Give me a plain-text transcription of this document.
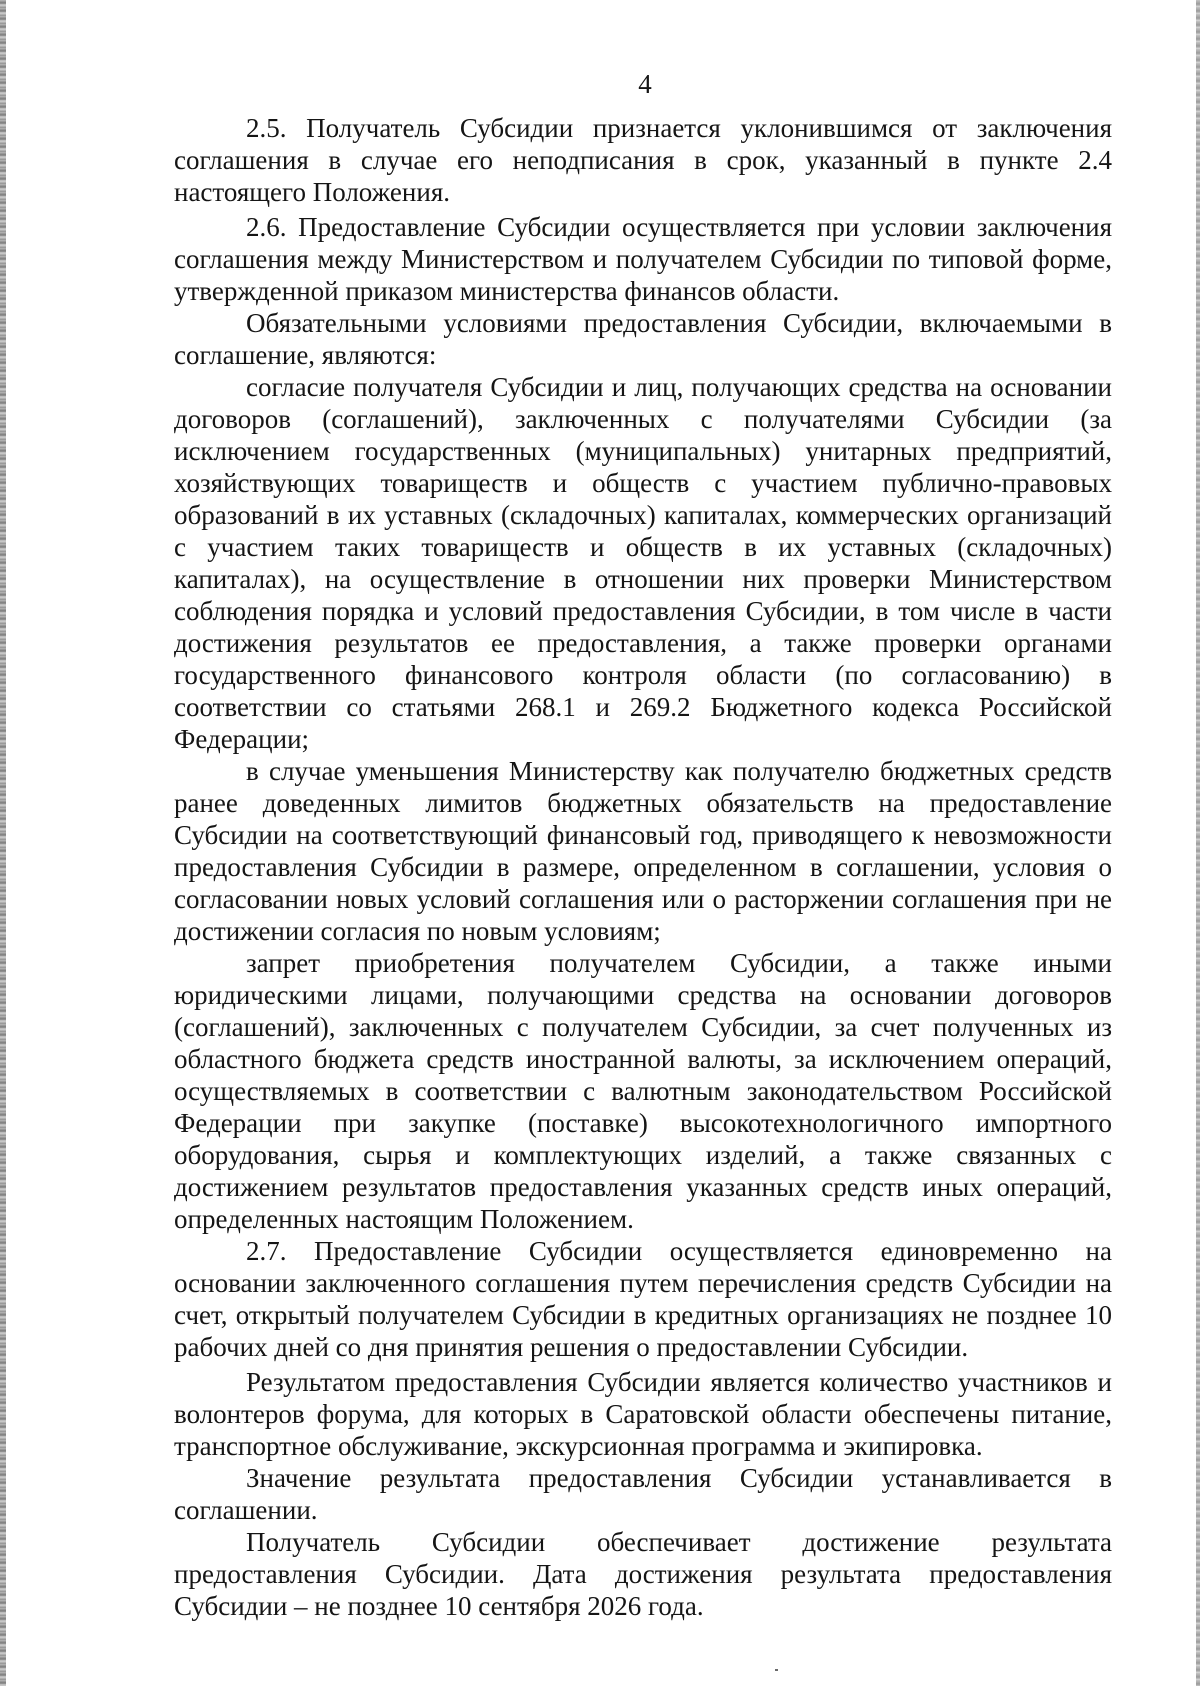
4

2.5. Получатель Субсидии признается уклонившимся от заключения соглашения в случае его неподписания в срок, указанный в пункте 2.4 настоящего Положения.

2.6. Предоставление Субсидии осуществляется при условии заключения соглашения между Министерством и получателем Субсидии по типовой форме, утвержденной приказом министерства финансов области.

Обязательными условиями предоставления Субсидии, включаемыми в соглашение, являются:

согласие получателя Субсидии и лиц, получающих средства на основании договоров (соглашений), заключенных с получателями Субсидии (за исключением государственных (муниципальных) унитарных предприятий, хозяйствующих товариществ и обществ с участием публично-правовых образований в их уставных (складочных) капиталах, коммерческих организаций с участием таких товариществ и обществ в их уставных (складочных) капиталах), на осуществление в отношении них проверки Министерством соблюдения порядка и условий предоставления Субсидии, в том числе в части достижения результатов ее предоставления, а также проверки органами государственного финансового контроля области (по согласованию) в соответствии со статьями 268.1 и 269.2 Бюджетного кодекса Российской Федерации;

в случае уменьшения Министерству как получателю бюджетных средств ранее доведенных лимитов бюджетных обязательств на предоставление Субсидии на соответствующий финансовый год, приводящего к невозможности предоставления Субсидии в размере, определенном в соглашении, условия о согласовании новых условий соглашения или о расторжении соглашения при не достижении согласия по новым условиям;

запрет приобретения получателем Субсидии, а также иными юридическими лицами, получающими средства на основании договоров (соглашений), заключенных с получателем Субсидии, за счет полученных из областного бюджета средств иностранной валюты, за исключением операций, осуществляемых в соответствии с валютным законодательством Российской Федерации при закупке (поставке) высокотехнологичного импортного оборудования, сырья и комплектующих изделий, а также связанных с достижением результатов предоставления указанных средств иных операций, определенных настоящим Положением.

2.7. Предоставление Субсидии осуществляется единовременно на основании заключенного соглашения путем перечисления средств Субсидии на счет, открытый получателем Субсидии в кредитных организациях не позднее 10 рабочих дней со дня принятия решения о предоставлении Субсидии.

Результатом предоставления Субсидии является количество участников и волонтеров форума, для которых в Саратовской области обеспечены питание, транспортное обслуживание, экскурсионная программа и экипировка.

Значение результата предоставления Субсидии устанавливается в соглашении.

Получатель Субсидии обеспечивает достижение результата предоставления Субсидии. Дата достижения результата предоставления Субсидии – не позднее 10 сентября 2026 года.
